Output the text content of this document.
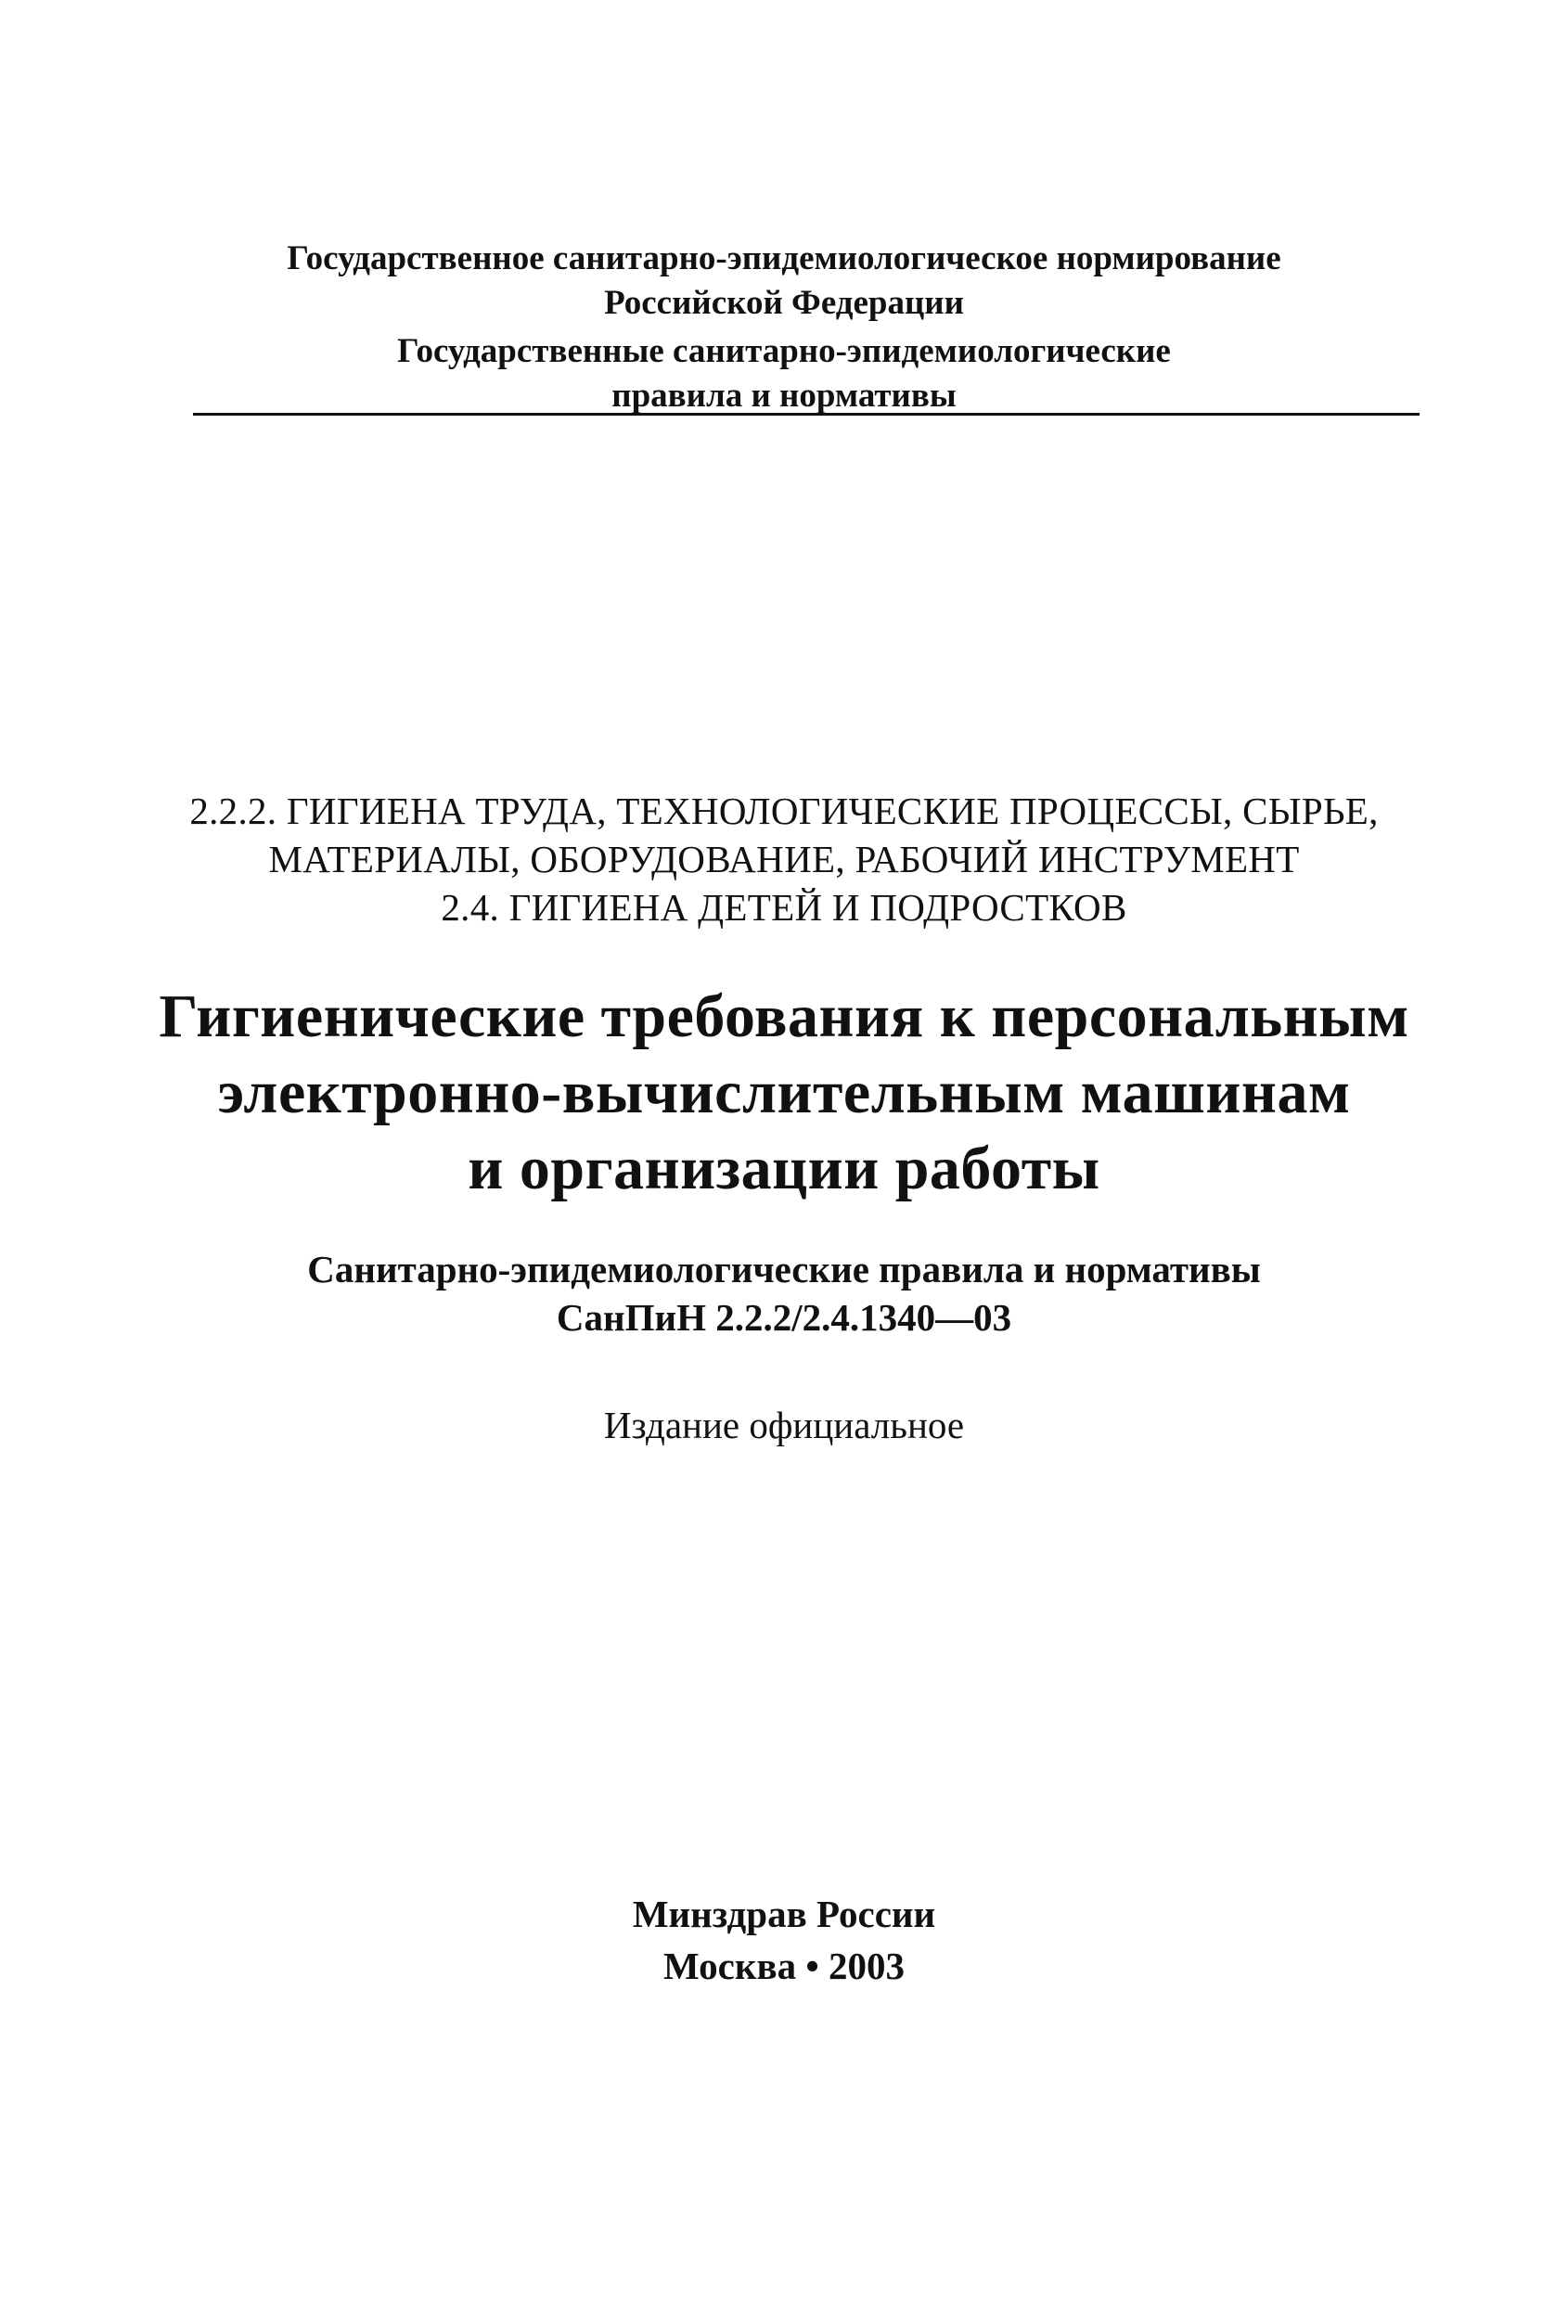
Государственное санитарно-эпидемиологическое нормирование
Российской Федерации
Государственные санитарно-эпидемиологические
правила и нормативы
2.2.2. ГИГИЕНА ТРУДА, ТЕХНОЛОГИЧЕСКИЕ ПРОЦЕССЫ, СЫРЬЕ,
МАТЕРИАЛЫ, ОБОРУДОВАНИЕ, РАБОЧИЙ ИНСТРУМЕНТ
2.4. ГИГИЕНА ДЕТЕЙ И ПОДРОСТКОВ
Гигиенические требования к персональным
электронно-вычислительным машинам
и организации работы
Санитарно-эпидемиологические правила и нормативы
СанПиН 2.2.2/2.4.1340—03
Издание официальное
Минздрав России
Москва • 2003
